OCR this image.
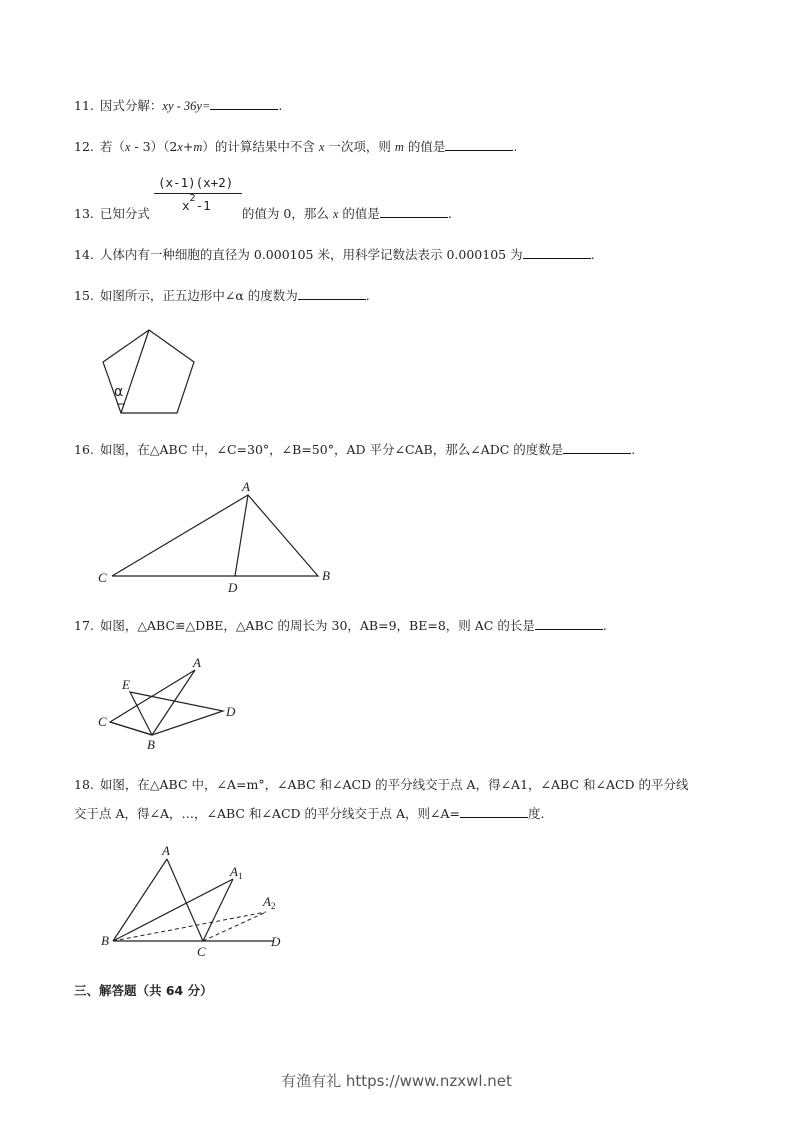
11. 因式分解：xy - 36y=	.
12. 若（x - 3）（2x+m）的计算结果中不含 x 一次项，则 m 的值是	.
(x-1)(x+2)
$x^2-1$
13. 已知分式	的值为 0，那么 x 的值是	.
14. 人体内有一种细胞的直径为 0.000105 米，用科学记数法表示 0.000105 为	.
15. 如图所示，正五边形中∠α 的度数为	.
α
16. 如图，在△ABC 中，∠C=30°，∠B=50°，AD 平分∠CAB，那么∠ADC 的度数是	.
A
C
D
B
17. 如图，△ABC≌△DBE，△ABC 的周长为 30，AB=9，BE=8，则 AC 的长是	.
A
E
D
C
B
18. 如图，在△ABC 中，∠A=m°，∠ABC 和∠ACD 的平分线交于点 A，得∠A1，∠ABC 和∠ACD 的平分线
交于点 A，得∠A，…，∠ABC 和∠ACD 的平分线交于点 A，则∠A=	度.
A
$A_1$
$A_2$
B
C
D
三、解答题（共 64 分）
有渔有礼 https://www.nzxwl.net
